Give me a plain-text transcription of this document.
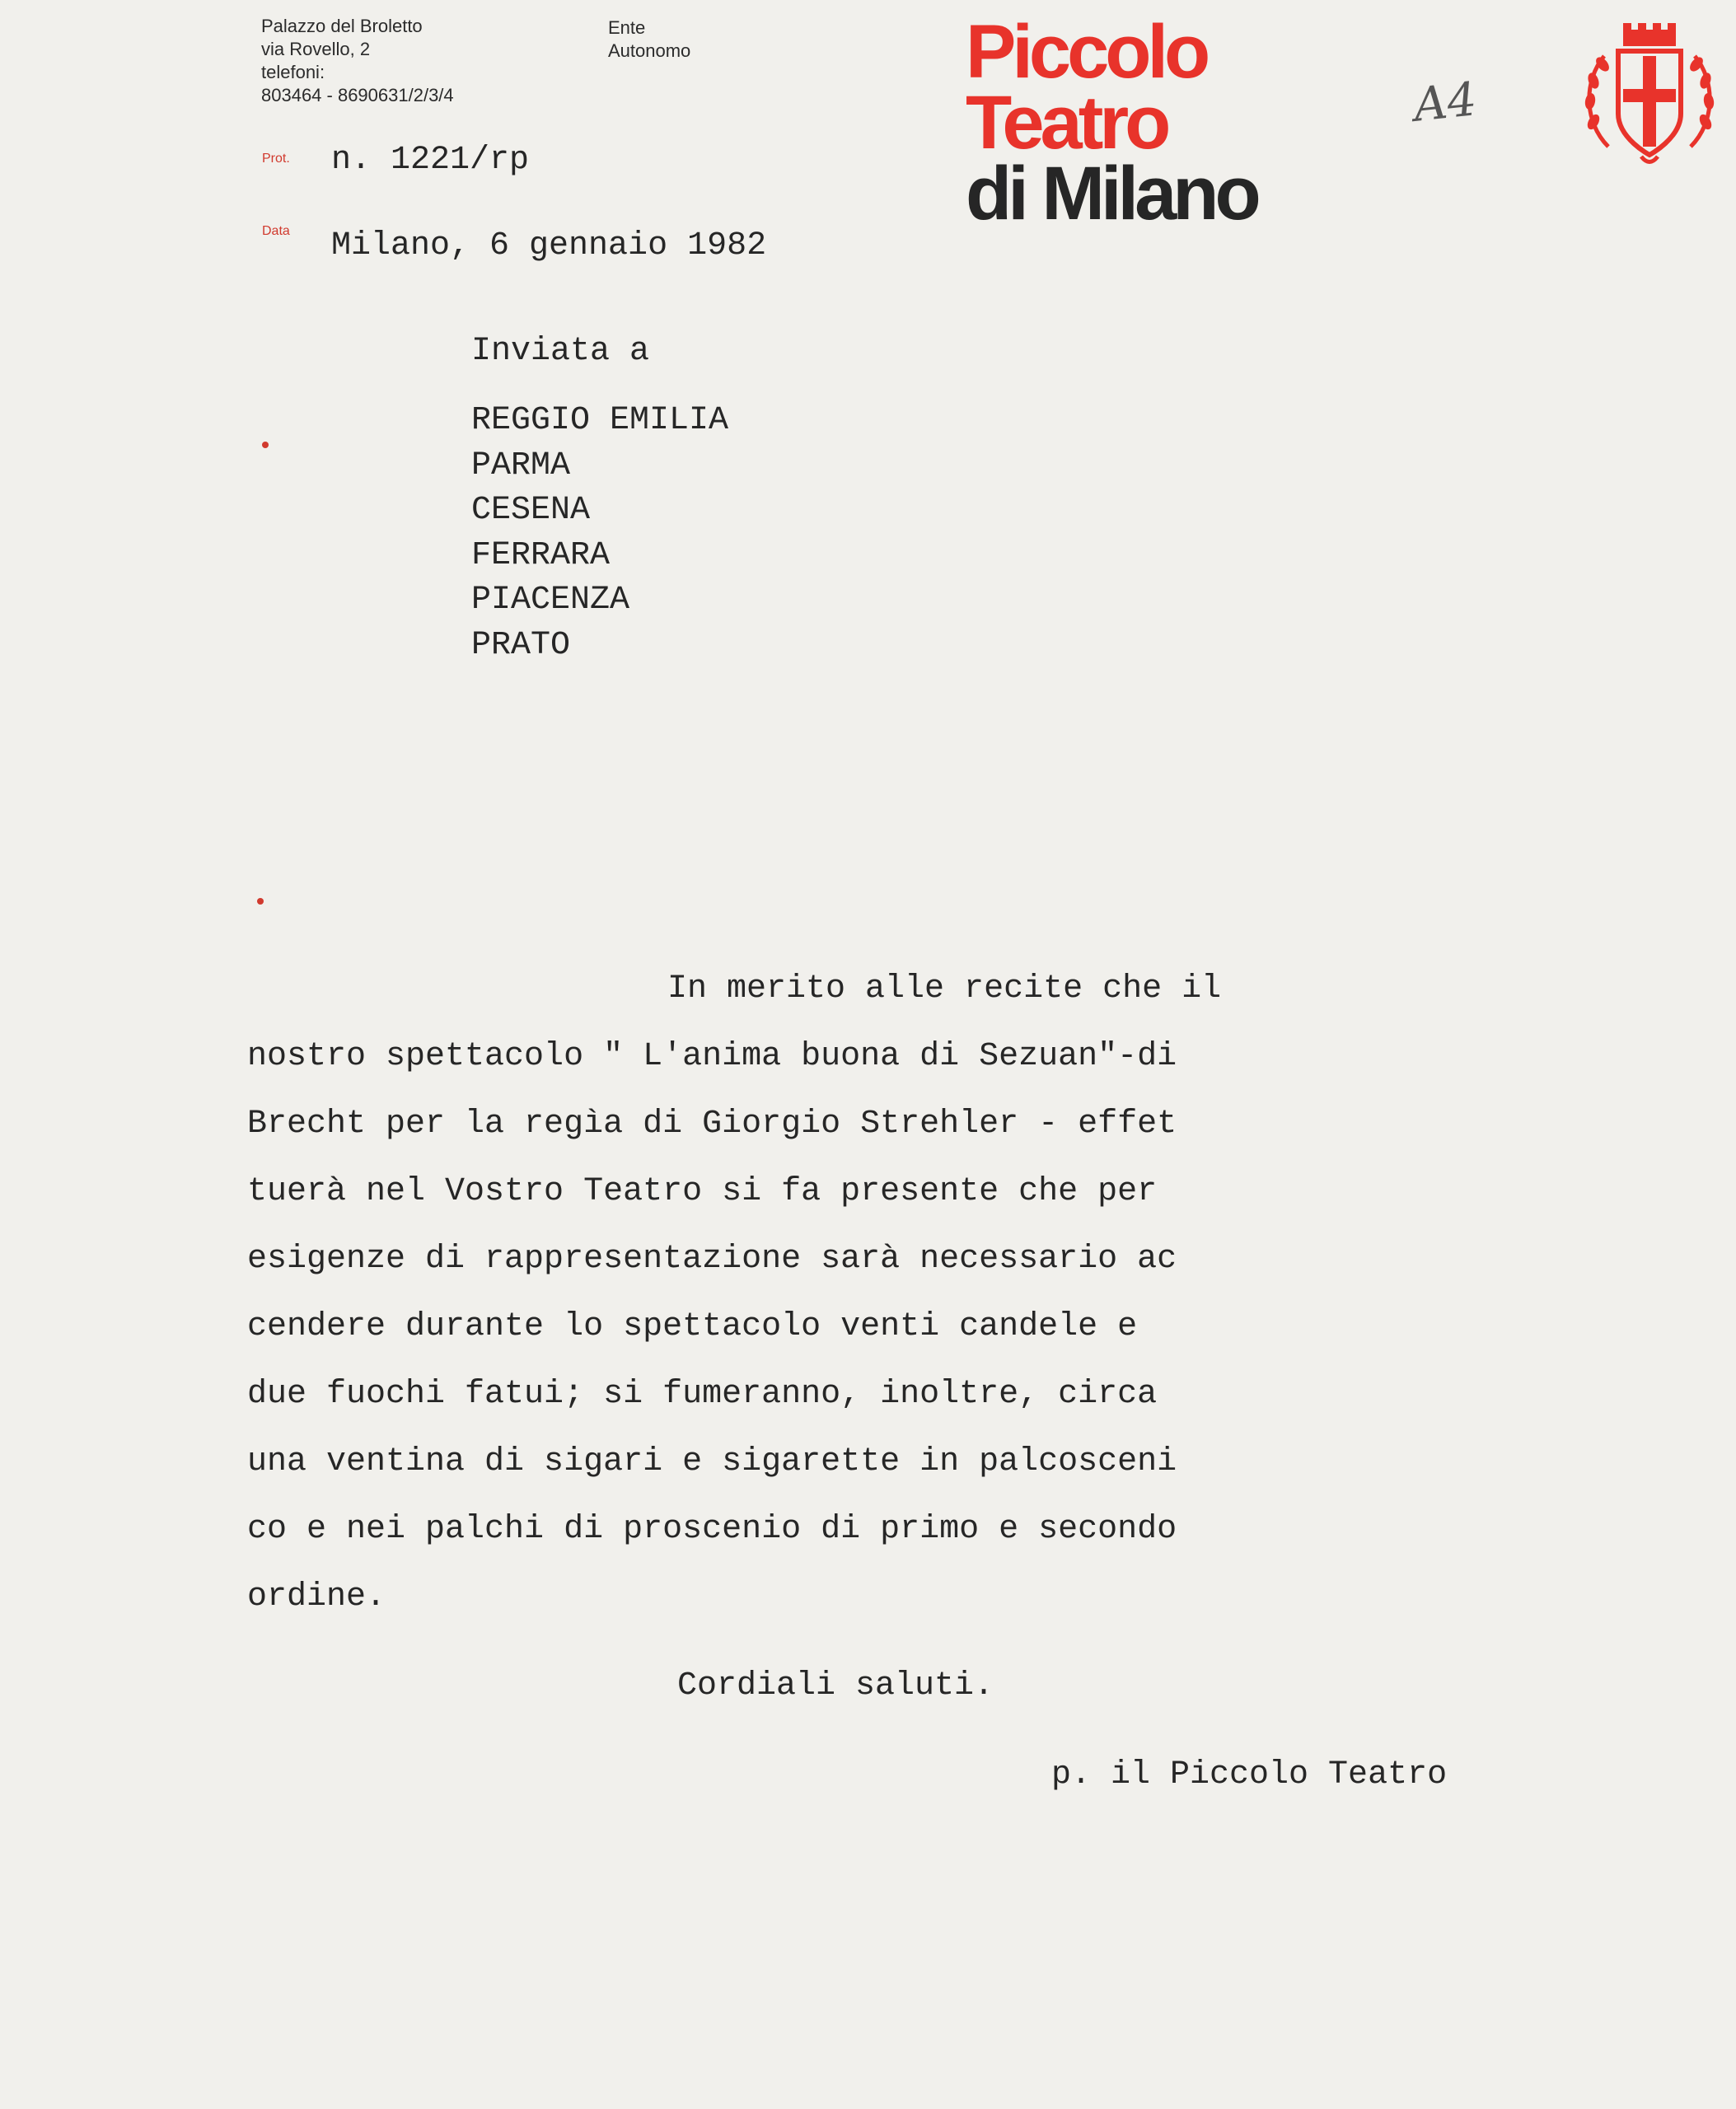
Palazzo del Broletto
via Rovello, 2
telefoni:
803464 - 8690631/2/3/4
Ente
Autonomo	Piccolo
Teatro
di Milano
A4
Prot. n. 1221/rp
Data Milano, 6 gennaio 1982
Inviata a
REGGIO EMILIA
PARMA
CESENA
FERRARA
PIACENZA
PRATO
In merito alle recite che il
nostro spettacolo " L'anima buona di Sezuan"-di
Brecht per la regìa di Giorgio Strehler - effet
tuerà nel Vostro Teatro si fa presente che per
esigenze di rappresentazione sarà necessario ac
cendere durante lo spettacolo venti candele e
due fuochi fatui; si fumeranno, inoltre, circa
una ventina di sigari e sigarette in palcosceni
co e nei palchi di proscenio di primo e secondo
ordine.
Cordiali saluti.
p. il Piccolo Teatro
